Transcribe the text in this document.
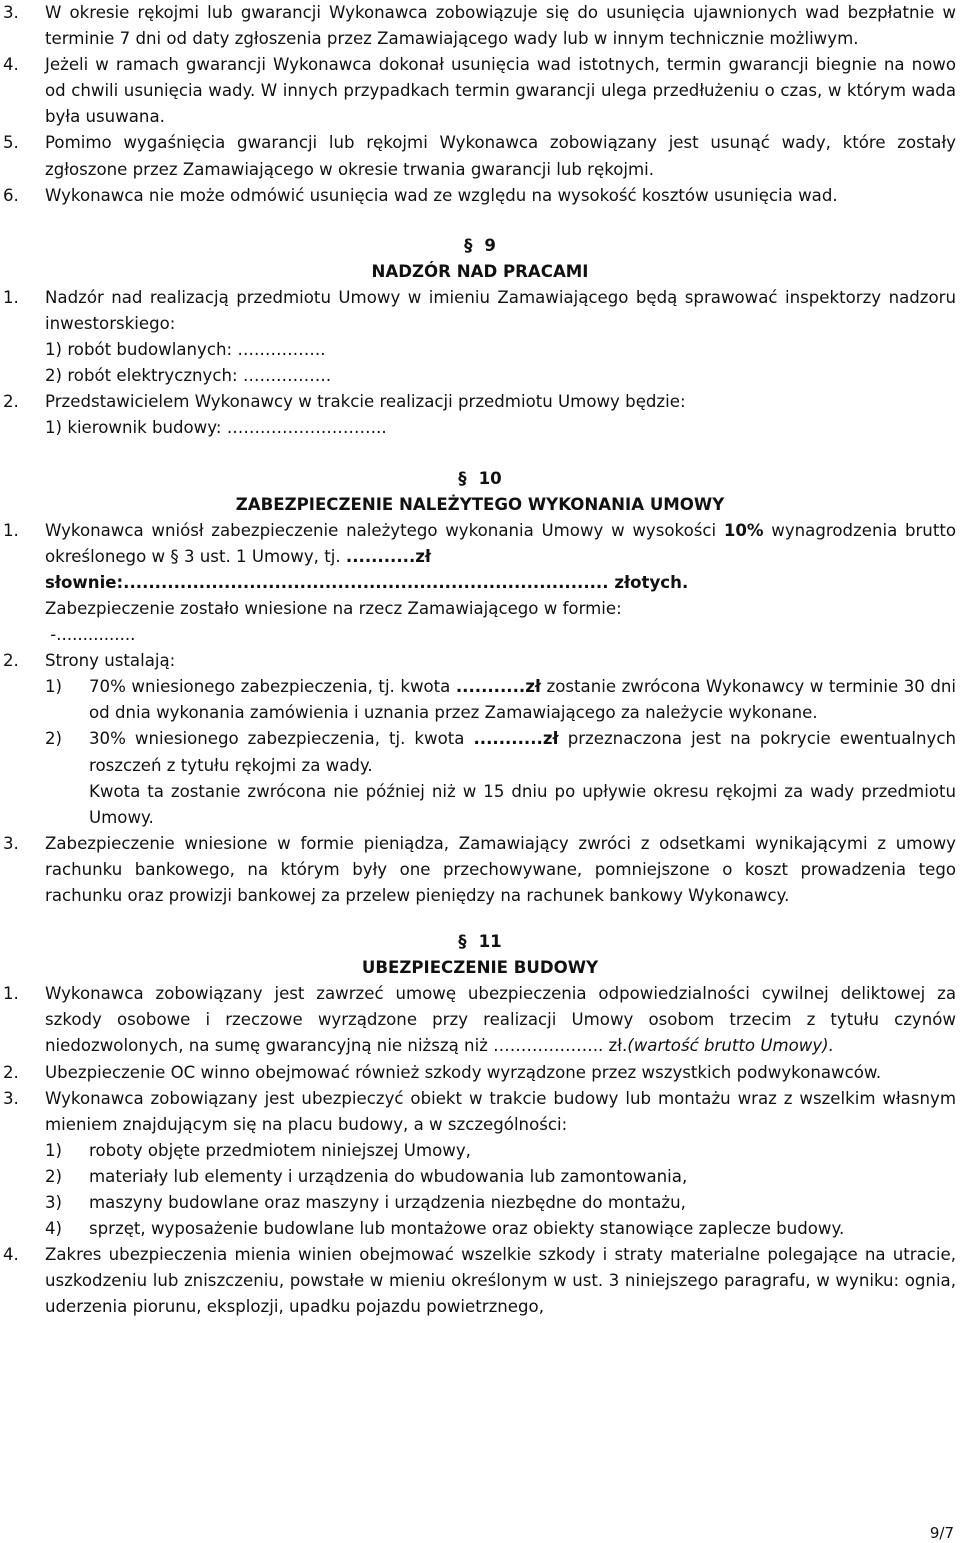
3. W okresie rękojmi lub gwarancji Wykonawca zobowiązuje się do usunięcia ujawnionych wad bezpłatnie w terminie 7 dni od daty zgłoszenia przez Zamawiającego wady lub w innym technicznie możliwym.
4. Jeżeli w ramach gwarancji Wykonawca dokonał usunięcia wad istotnych, termin gwarancji biegnie na nowo od chwili usunięcia wady. W innych przypadkach termin gwarancji ulega przedłużeniu o czas, w którym wada była usuwana.
5. Pomimo wygaśnięcia gwarancji lub rękojmi Wykonawca zobowiązany jest usunąć wady, które zostały zgłoszone przez Zamawiającego w okresie trwania gwarancji lub rękojmi.
6. Wykonawca nie może odmówić usunięcia wad ze względu na wysokość kosztów usunięcia wad.
§ 9
NADZÓR NAD PRACAMI
1. Nadzór nad realizacją przedmiotu Umowy w imieniu Zamawiającego będą sprawować inspektorzy nadzoru inwestorskiego:
1) robót budowlanych: …………….
2) robót elektrycznych: …………….
2. Przedstawicielem Wykonawcy w trakcie realizacji przedmiotu Umowy będzie:
1) kierownik budowy: ………………………..
§ 10
ZABEZPIECZENIE NALEŻYTEGO WYKONANIA UMOWY
1. Wykonawca wniósł zabezpieczenie należytego wykonania Umowy w wysokości 10% wynagrodzenia brutto określonego w § 3 ust. 1 Umowy, tj. ...........zł
słownie:............................................................................. złotych.
Zabezpieczenie zostało wniesione na rzecz Zamawiającego w formie:
-...............
2. Strony ustalają:
1) 70% wniesionego zabezpieczenia, tj. kwota ...........zł zostanie zwrócona Wykonawcy w terminie 30 dni od dnia wykonania zamówienia i uznania przez Zamawiającego za należycie wykonane.
2) 30% wniesionego zabezpieczenia, tj. kwota ...........zł przeznaczona jest na pokrycie ewentualnych roszczeń z tytułu rękojmi za wady.
Kwota ta zostanie zwrócona nie później niż w 15 dniu po upływie okresu rękojmi za wady przedmiotu Umowy.
3. Zabezpieczenie wniesione w formie pieniądza, Zamawiający zwróci z odsetkami wynikającymi z umowy rachunku bankowego, na którym były one przechowywane, pomniejszone o koszt prowadzenia tego rachunku oraz prowizji bankowej za przelew pieniędzy na rachunek bankowy Wykonawcy.
§ 11
UBEZPIECZENIE BUDOWY
1. Wykonawca zobowiązany jest zawrzeć umowę ubezpieczenia odpowiedzialności cywilnej deliktowej za szkody osobowe i rzeczowe wyrządzone przy realizacji Umowy osobom trzecim z tytułu czynów niedozwolonych, na sumę gwarancyjną nie niższą niż ……………….. zł.(wartość brutto Umowy).
2. Ubezpieczenie OC winno obejmować również szkody wyrządzone przez wszystkich podwykonawców.
3. Wykonawca zobowiązany jest ubezpieczyć obiekt w trakcie budowy lub montażu wraz z wszelkim własnym mieniem znajdującym się na placu budowy, a w szczególności:
1) roboty objęte przedmiotem niniejszej Umowy,
2) materiały lub elementy i urządzenia do wbudowania lub zamontowania,
3) maszyny budowlane oraz maszyny i urządzenia niezbędne do montażu,
4) sprzęt, wyposażenie budowlane lub montażowe oraz obiekty stanowiące zaplecze budowy.
4. Zakres ubezpieczenia mienia winien obejmować wszelkie szkody i straty materialne polegające na utracie, uszkodzeniu lub zniszczeniu, powstałe w mieniu określonym w ust. 3 niniejszego paragrafu, w wyniku: ognia, uderzenia piorunu, eksplozji, upadku pojazdu powietrznego,
9/7
